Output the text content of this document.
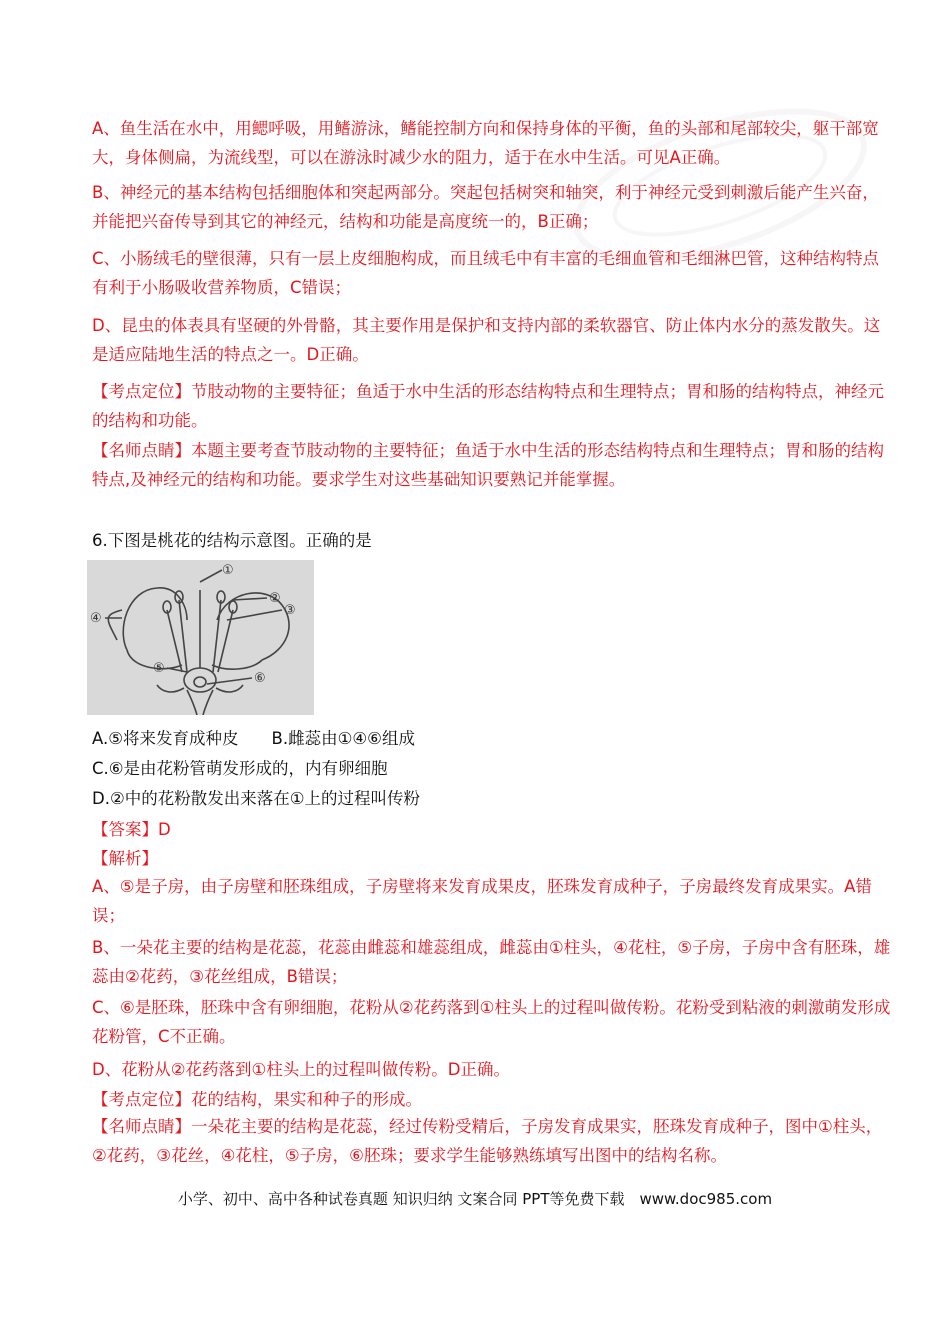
A、鱼生活在水中，用鳃呼吸，用鳍游泳，鳍能控制方向和保持身体的平衡，鱼的头部和尾部较尖，躯干部宽大，身体侧扁，为流线型，可以在游泳时减少水的阻力，适于在水中生活。可见A正确。

B、神经元的基本结构包括细胞体和突起两部分。突起包括树突和轴突，利于神经元受到刺激后能产生兴奋，并能把兴奋传导到其它的神经元，结构和功能是高度统一的，B正确；

C、小肠绒毛的壁很薄，只有一层上皮细胞构成，而且绒毛中有丰富的毛细血管和毛细淋巴管，这种结构特点有利于小肠吸收营养物质，C错误；

D、昆虫的体表具有坚硬的外骨骼，其主要作用是保护和支持内部的柔软器官、防止体内水分的蒸发散失。这是适应陆地生活的特点之一。D正确。

【考点定位】节肢动物的主要特征；鱼适于水中生活的形态结构特点和生理特点；胃和肠的结构特点，神经元的结构和功能。

【名师点睛】本题主要考查节肢动物的主要特征；鱼适于水中生活的形态结构特点和生理特点；胃和肠的结构特点,及神经元的结构和功能。要求学生对这些基础知识要熟记并能掌握。

6.下图是桃花的结构示意图。正确的是

①
②
③
④
⑤
⑥

A.⑤将来发育成种皮　　B.雌蕊由①④⑥组成

C.⑥是由花粉管萌发形成的，内有卵细胞

D.②中的花粉散发出来落在①上的过程叫传粉

【答案】D

【解析】

A、⑤是子房，由子房壁和胚珠组成，子房壁将来发育成果皮，胚珠发育成种子，子房最终发育成果实。A错误；

B、一朵花主要的结构是花蕊，花蕊由雌蕊和雄蕊组成，雌蕊由①柱头，④花柱，⑤子房，子房中含有胚珠，雄蕊由②花药，③花丝组成，B错误；

C、⑥是胚珠，胚珠中含有卵细胞，花粉从②花药落到①柱头上的过程叫做传粉。花粉受到粘液的刺激萌发形成花粉管，C不正确。

D、花粉从②花药落到①柱头上的过程叫做传粉。D正确。

【考点定位】花的结构，果实和种子的形成。

【名师点睛】一朵花主要的结构是花蕊，经过传粉受精后，子房发育成果实，胚珠发育成种子，图中①柱头，②花药，③花丝，④花柱，⑤子房，⑥胚珠；要求学生能够熟练填写出图中的结构名称。

小学、初中、高中各种试卷真题 知识归纳 文案合同 PPT等免费下载　www.doc985.com
